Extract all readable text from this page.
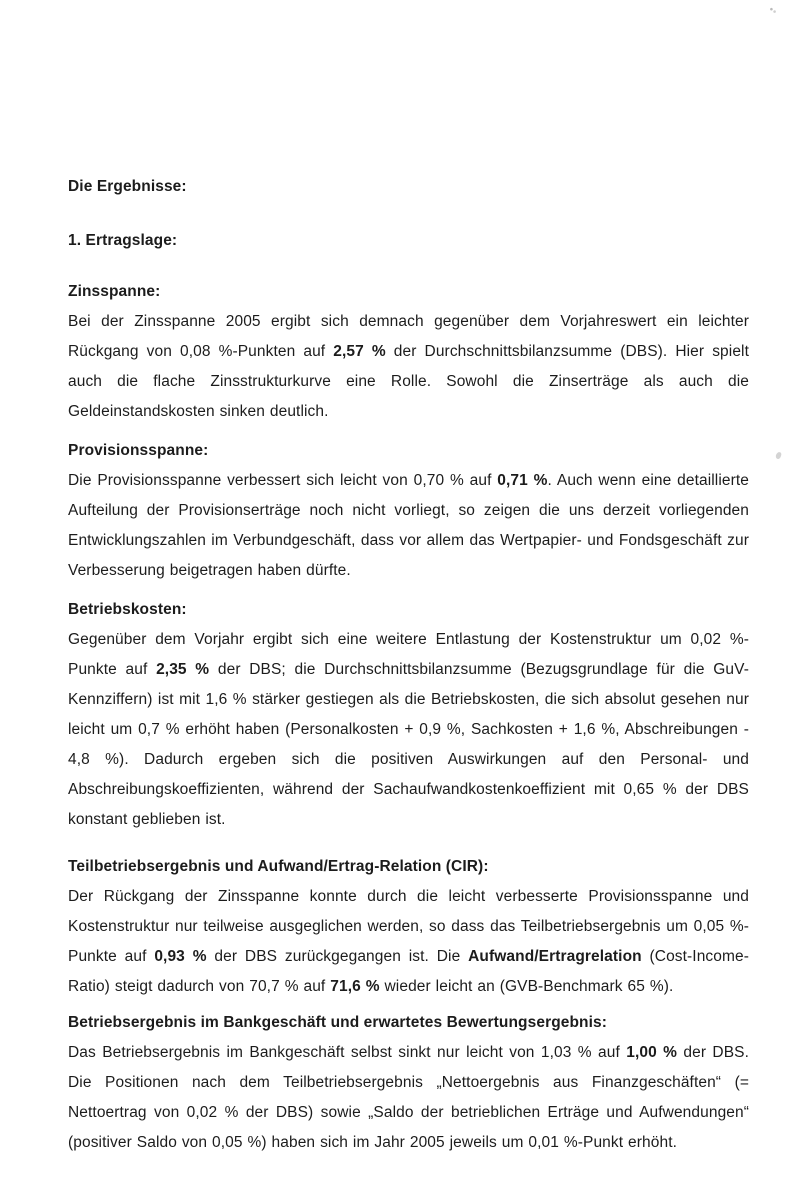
Die Ergebnisse:
1. Ertragslage:
Zinsspanne:

Bei der Zinsspanne 2005 ergibt sich demnach gegenüber dem Vorjahreswert ein leichter Rückgang von 0,08 %-Punkten auf 2,57 % der Durchschnittsbilanzsumme (DBS). Hier spielt auch die flache Zinsstrukturkurve eine Rolle. Sowohl die Zinserträge als auch die Geldeinstandskosten sinken deutlich.

Provisionsspanne:

Die Provisionsspanne verbessert sich leicht von 0,70 % auf 0,71 %. Auch wenn eine detaillierte Aufteilung der Provisionserträge noch nicht vorliegt, so zeigen die uns derzeit vorliegenden Entwicklungszahlen im Verbundgeschäft, dass vor allem das Wertpapier- und Fondsgeschäft zur Verbesserung beigetragen haben dürfte.

Betriebskosten:

Gegenüber dem Vorjahr ergibt sich eine weitere Entlastung der Kostenstruktur um 0,02 %-Punkte auf 2,35 % der DBS; die Durchschnittsbilanzsumme (Bezugsgrundlage für die GuV-Kennziffern) ist mit 1,6 % stärker gestiegen als die Betriebskosten, die sich absolut gesehen nur leicht um 0,7 % erhöht haben (Personalkosten + 0,9 %, Sachkosten + 1,6 %, Abschreibungen - 4,8 %). Dadurch ergeben sich die positiven Auswirkungen auf den Personal- und Abschreibungskoeffizienten, während der Sachaufwandkostenkoeffizient mit 0,65 % der DBS konstant geblieben ist.

Teilbetriebsergebnis und Aufwand/Ertrag-Relation (CIR):

Der Rückgang der Zinsspanne konnte durch die leicht verbesserte Provisionsspanne und Kostenstruktur nur teilweise ausgeglichen werden, so dass das Teilbetriebsergebnis um 0,05 %-Punkte auf 0,93 % der DBS zurückgegangen ist. Die Aufwand/Ertragrelation (Cost-Income-Ratio) steigt dadurch von 70,7 % auf 71,6 % wieder leicht an (GVB-Benchmark 65 %).

Betriebsergebnis im Bankgeschäft und erwartetes Bewertungsergebnis:

Das Betriebsergebnis im Bankgeschäft selbst sinkt nur leicht von 1,03 % auf 1,00 % der DBS. Die Positionen nach dem Teilbetriebsergebnis „Nettoergebnis aus Finanzgeschäften“ (= Nettoertrag von 0,02 % der DBS) sowie „Saldo der betrieblichen Erträge und Aufwendungen“ (positiver Saldo von 0,05 %) haben sich im Jahr 2005 jeweils um 0,01 %-Punkt erhöht.
